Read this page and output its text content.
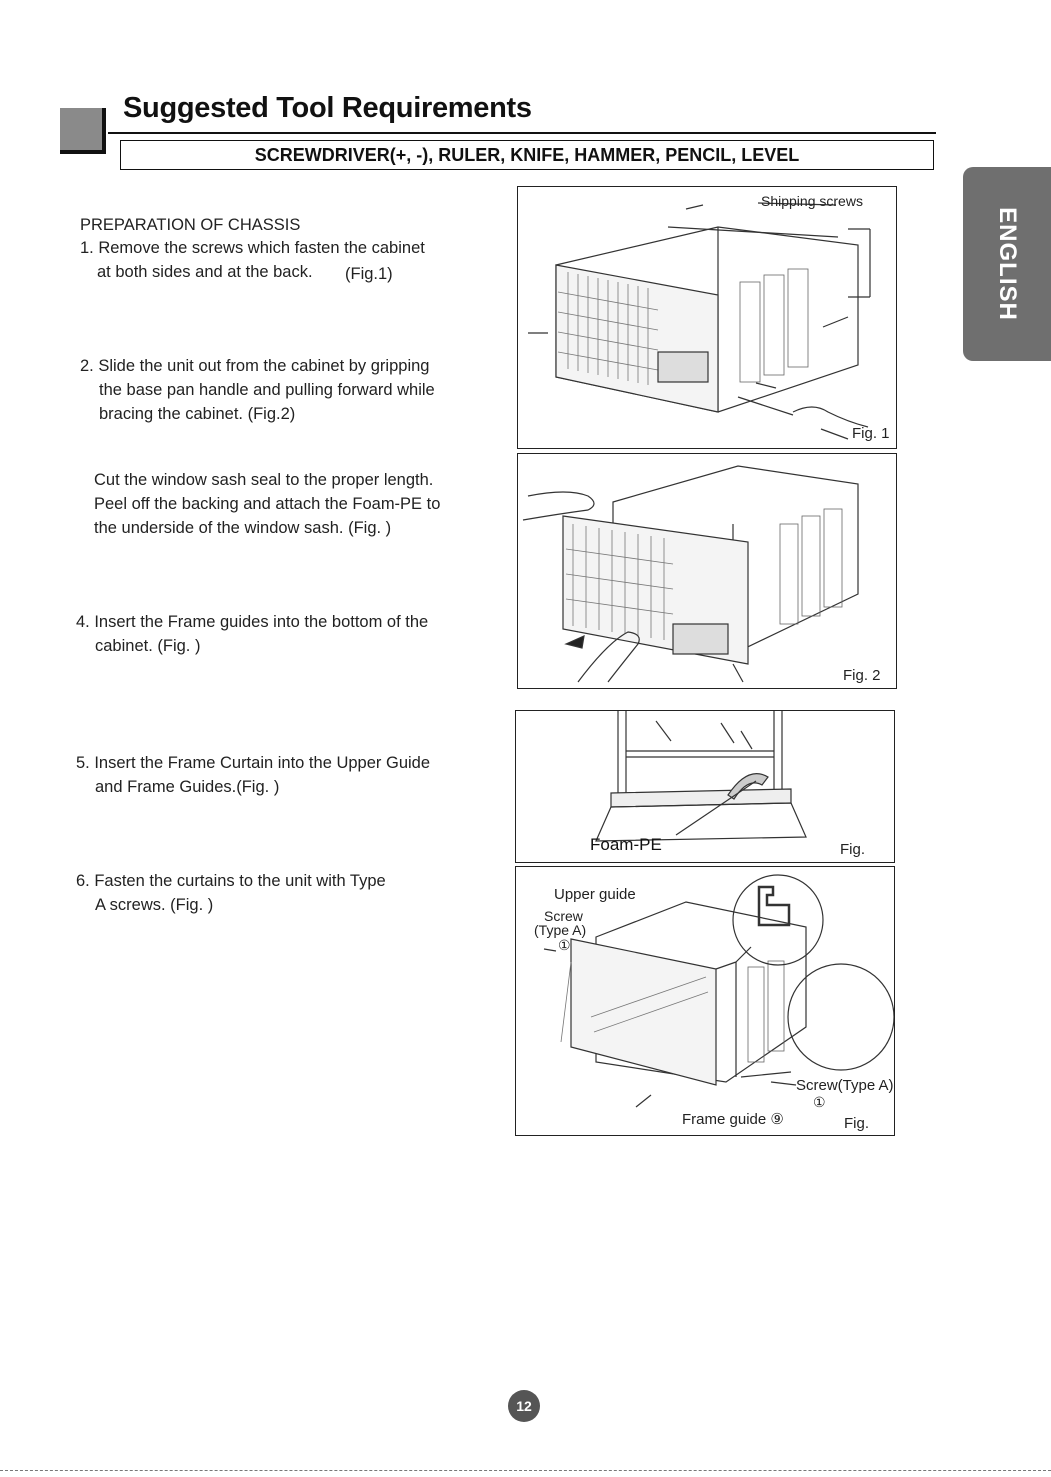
Suggested Tool Requirements
SCREWDRIVER(+, -), RULER, KNIFE, HAMMER, PENCIL, LEVEL
ENGLISH
PREPARATION OF CHASSIS
1. Remove the screws which fasten the cabinet
at both sides and at the back. (Fig.1)
2. Slide the unit out from the cabinet by gripping
the base pan handle and pulling forward while
bracing the cabinet. (Fig.2)
Cut the window sash seal to the proper length.
Peel off the backing and attach the Foam-PE to
the underside of the window sash. (Fig. )
4. Insert the Frame guides into the bottom of the
cabinet. (Fig. )
5. Insert the Frame Curtain into the Upper Guide
and Frame Guides.(Fig. )
6. Fasten the curtains to the unit with Type
A screws. (Fig. )
Shipping screws
Fig. 1
Fig. 2
Foam-PE	Fig.
Upper guide
Screw
(Type A)
①
Screw(Type A)
①
Frame guide ⑨	Fig.
12
